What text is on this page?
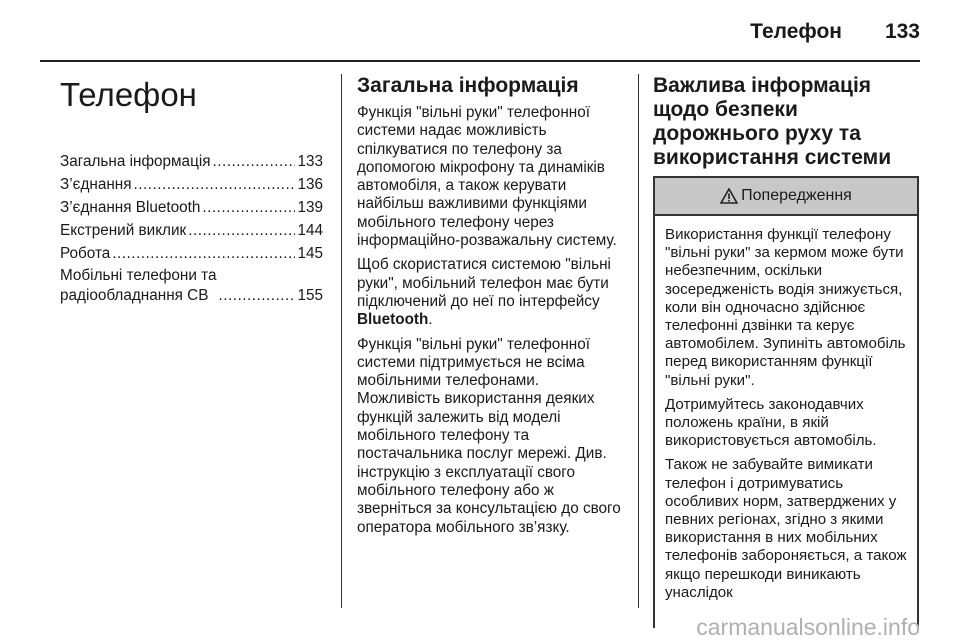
Телефон 133
Телефон
Загальна інформація .....	133
З’єднання .....	136
З’єднання Bluetooth .....	139
Екстрений виклик .....	144
Робота .....	145
Мобільні телефони та
радіообладнання CB .....	155
Загальна інформація

Функція "вільні руки" телефонної системи надає можливість спілкуватися по телефону за допомогою мікрофону та динаміків автомобіля, а також керувати найбільш важливими функціями мобільного телефону через інформаційно-розважальну систему.

Щоб скористатися системою "вільні руки", мобільний телефон має бути підключений до неї по інтерфейсу Bluetooth.

Функція "вільні руки" телефонної системи підтримується не всіма мобільними телефонами. Можливість використання деяких функцій залежить від моделі мобільного телефону та постачальника послуг мережі. Див. інструкцію з експлуатації свого мобільного телефону або ж зверніться за консультацією до свого оператора мобільного зв’язку.

Важлива інформація щодо безпеки дорожнього руху та використання системи
Попередження

Використання функції телефону "вільні руки" за кермом може бути небезпечним, оскільки зосередженість водія знижується, коли він одночасно здійснює телефонні дзвінки та керує автомобілем. Зупиніть автомобіль перед використанням функції "вільні руки".

Дотримуйтесь законодавчих положень країни, в якій використовується автомобіль.

Також не забувайте вимикати телефон і дотримуватись особливих норм, затверджених у певних регіонах, згідно з якими використання в них мобільних телефонів забороняється, а також якщо перешкоди виникають унаслідок

carmanualsonline.info
